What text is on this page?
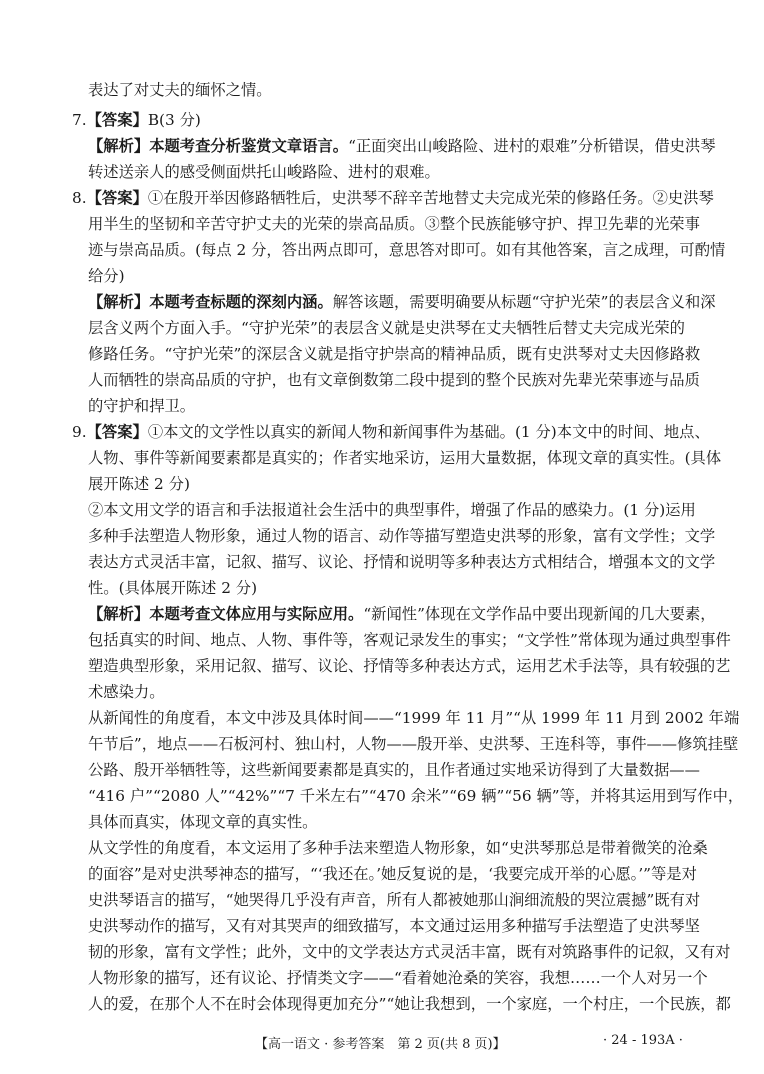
表达了对丈夫的缅怀之情。
7.【答案】B(3 分)
【解析】本题考查分析鉴赏文章语言。“正面突出山峻路险、进村的艰难”分析错误，借史洪琴
转述送亲人的感受侧面烘托山峻路险、进村的艰难。
8.【答案】①在殷开举因修路牺牲后，史洪琴不辞辛苦地替丈夫完成光荣的修路任务。②史洪琴
用半生的坚韧和辛苦守护丈夫的光荣的崇高品质。③整个民族能够守护、捍卫先辈的光荣事
迹与崇高品质。(每点 2 分，答出两点即可，意思答对即可。如有其他答案，言之成理，可酌情
给分)
【解析】本题考查标题的深刻内涵。解答该题，需要明确要从标题“守护光荣”的表层含义和深
层含义两个方面入手。“守护光荣”的表层含义就是史洪琴在丈夫牺牲后替丈夫完成光荣的
修路任务。“守护光荣”的深层含义就是指守护崇高的精神品质，既有史洪琴对丈夫因修路救
人而牺牲的崇高品质的守护，也有文章倒数第二段中提到的整个民族对先辈光荣事迹与品质
的守护和捍卫。
9.【答案】①本文的文学性以真实的新闻人物和新闻事件为基础。(1 分)本文中的时间、地点、
人物、事件等新闻要素都是真实的；作者实地采访，运用大量数据，体现文章的真实性。(具体
展开陈述 2 分)
②本文用文学的语言和手法报道社会生活中的典型事件，增强了作品的感染力。(1 分)运用
多种手法塑造人物形象，通过人物的语言、动作等描写塑造史洪琴的形象，富有文学性；文学
表达方式灵活丰富，记叙、描写、议论、抒情和说明等多种表达方式相结合，增强本文的文学
性。(具体展开陈述 2 分)
【解析】本题考查文体应用与实际应用。“新闻性”体现在文学作品中要出现新闻的几大要素，
包括真实的时间、地点、人物、事件等，客观记录发生的事实；“文学性”常体现为通过典型事件
塑造典型形象，采用记叙、描写、议论、抒情等多种表达方式，运用艺术手法等，具有较强的艺
术感染力。
从新闻性的角度看，本文中涉及具体时间——“1999 年 11 月”“从 1999 年 11 月到 2002 年端
午节后”，地点——石板河村、独山村，人物——殷开举、史洪琴、王连科等，事件——修筑挂壁
公路、殷开举牺牲等，这些新闻要素都是真实的，且作者通过实地采访得到了大量数据——
“416 户”“2080 人”“42%”“7 千米左右”“470 余米”“69 辆”“56 辆”等，并将其运用到写作中，
具体而真实，体现文章的真实性。
从文学性的角度看，本文运用了多种手法来塑造人物形象，如“史洪琴那总是带着微笑的沧桑
的面容”是对史洪琴神态的描写，“‘我还在。’她反复说的是，‘我要完成开举的心愿。’”等是对
史洪琴语言的描写，“她哭得几乎没有声音，所有人都被她那山涧细流般的哭泣震撼”既有对
史洪琴动作的描写，又有对其哭声的细致描写，本文通过运用多种描写手法塑造了史洪琴坚
韧的形象，富有文学性；此外，文中的文学表达方式灵活丰富，既有对筑路事件的记叙，又有对
人物形象的描写，还有议论、抒情类文字——“看着她沧桑的笑容，我想……一个人对另一个
人的爱，在那个人不在时会体现得更加充分”“她让我想到，一个家庭，一个村庄，一个民族，都
【高一语文 · 参考答案　第 2 页(共 8 页)】	· 24 - 193A ·
